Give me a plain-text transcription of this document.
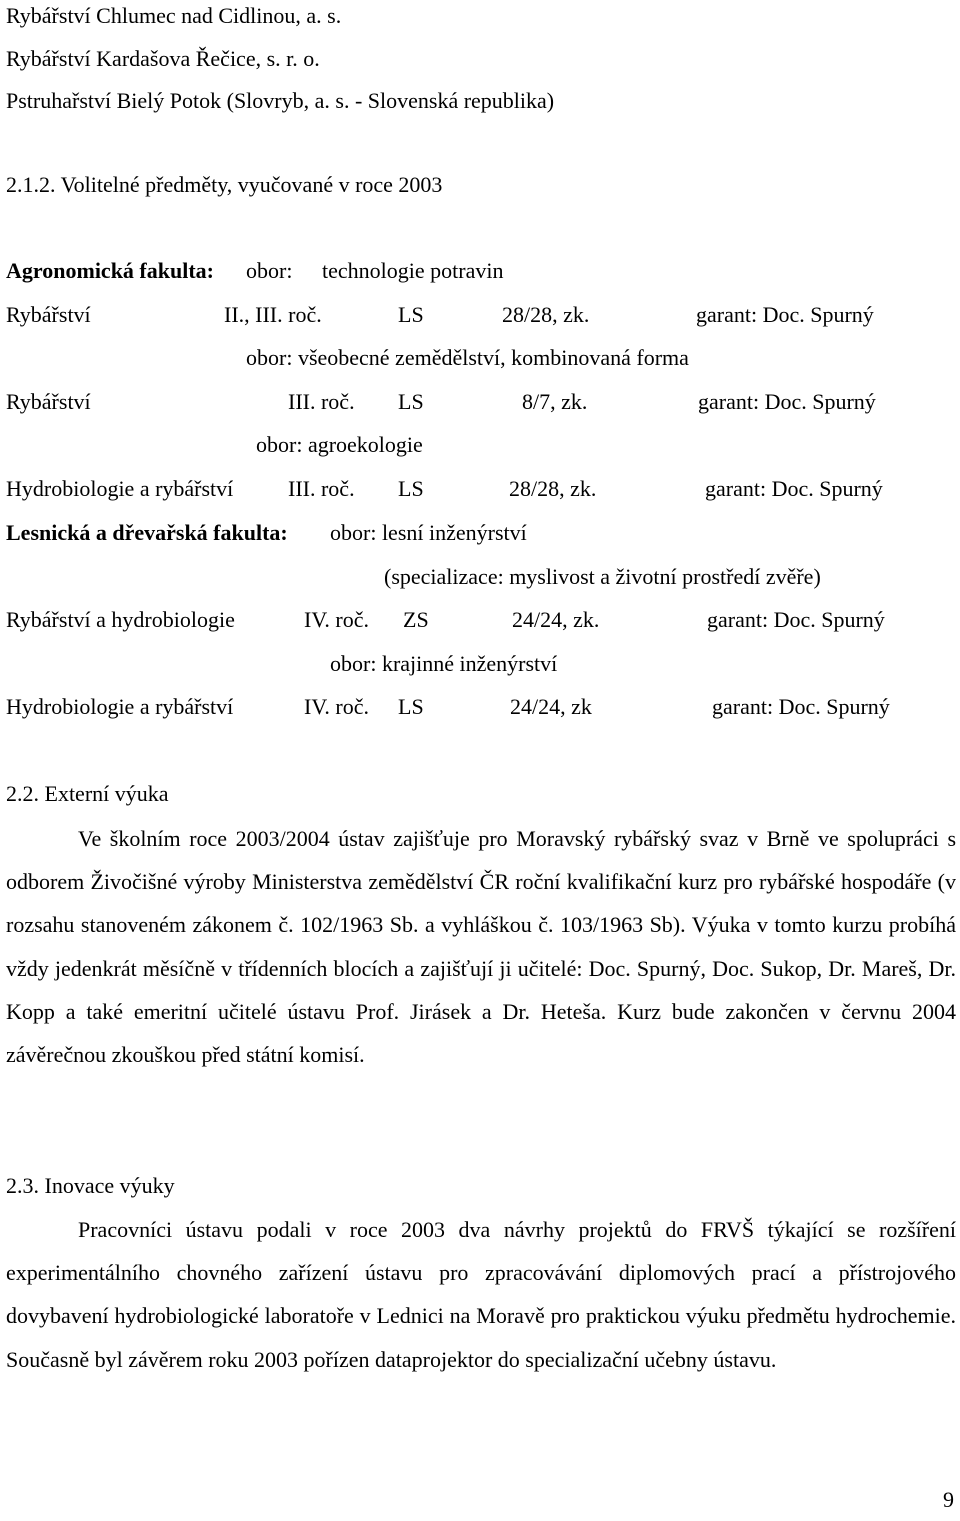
Rybářství Chlumec nad Cidlinou, a. s.
Rybářství Kardašova Řečice, s. r. o.
Pstruhařství Bielý Potok (Slovryb, a. s. - Slovenská republika)
2.1.2. Volitelné předměty, vyučované v roce 2003
Agronomická fakulta: obor: technologie potravin
Rybářství	II., III. roč.	LS	28/28, zk.	garant: Doc. Spurný
obor: všeobecné zemědělství, kombinovaná forma
Rybářství	III. roč. LS	8/7, zk.	garant: Doc. Spurný
obor: agroekologie
Hydrobiologie a rybářství III. roč. LS	28/28, zk.	garant: Doc. Spurný
Lesnická a dřevařská fakulta: obor: lesní inženýrství
(specializace: myslivost a životní prostředí zvěře)
Rybářství a hydrobiologie	IV. roč. ZS	24/24, zk.	garant: Doc. Spurný
obor: krajinné inženýrství
Hydrobiologie a rybářství	IV. roč. LS	24/24, zk	garant: Doc. Spurný
2.2. Externí výuka
Ve školním roce 2003/2004 ústav zajišťuje pro Moravský rybářský svaz v Brně ve spolupráci s odborem Živočišné výroby Ministerstva zemědělství ČR roční kvalifikační kurz pro rybářské hospodáře (v rozsahu stanoveném zákonem č. 102/1963 Sb. a vyhláškou č. 103/1963 Sb). Výuka v tomto kurzu probíhá vždy jedenkrát měsíčně v třídenních blocích a zajišťují ji učitelé: Doc. Spurný, Doc. Sukop, Dr. Mareš, Dr. Kopp a také emeritní učitelé ústavu Prof. Jirásek a Dr. Heteša. Kurz bude zakončen v červnu 2004 závěrečnou zkouškou před státní komisí.
2.3. Inovace výuky
Pracovníci ústavu podali v roce 2003 dva návrhy projektů do FRVŠ týkající se rozšíření experimentálního chovného zařízení ústavu pro zpracovávání diplomových prací a přístrojového dovybavení hydrobiologické laboratoře v Lednici na Moravě pro praktickou výuku předmětu hydrochemie. Současně byl závěrem roku 2003 pořízen dataprojektor do specializační učebny ústavu.
9
